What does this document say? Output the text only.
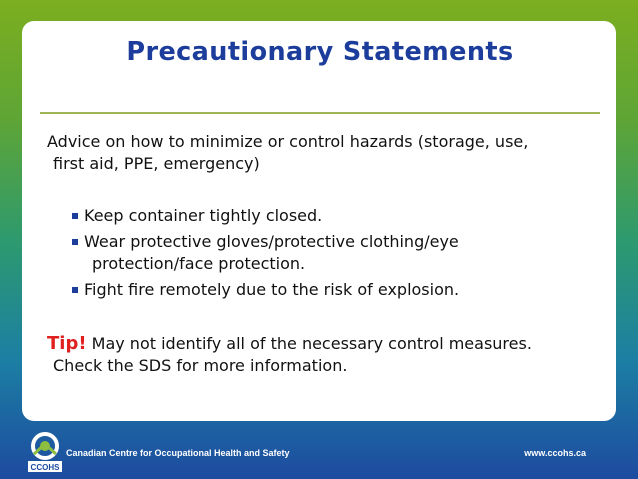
Precautionary Statements
Advice on how to minimize or control hazards (storage, use,
first aid, PPE, emergency)
Keep container tightly closed.
Wear protective gloves/protective clothing/eye
protection/face protection.
Fight fire remotely due to the risk of explosion.
Tip! May not identify all of the necessary control measures.
Check the SDS for more information.
CCOHS
Canadian Centre for Occupational Health and Safety	www.ccohs.ca
